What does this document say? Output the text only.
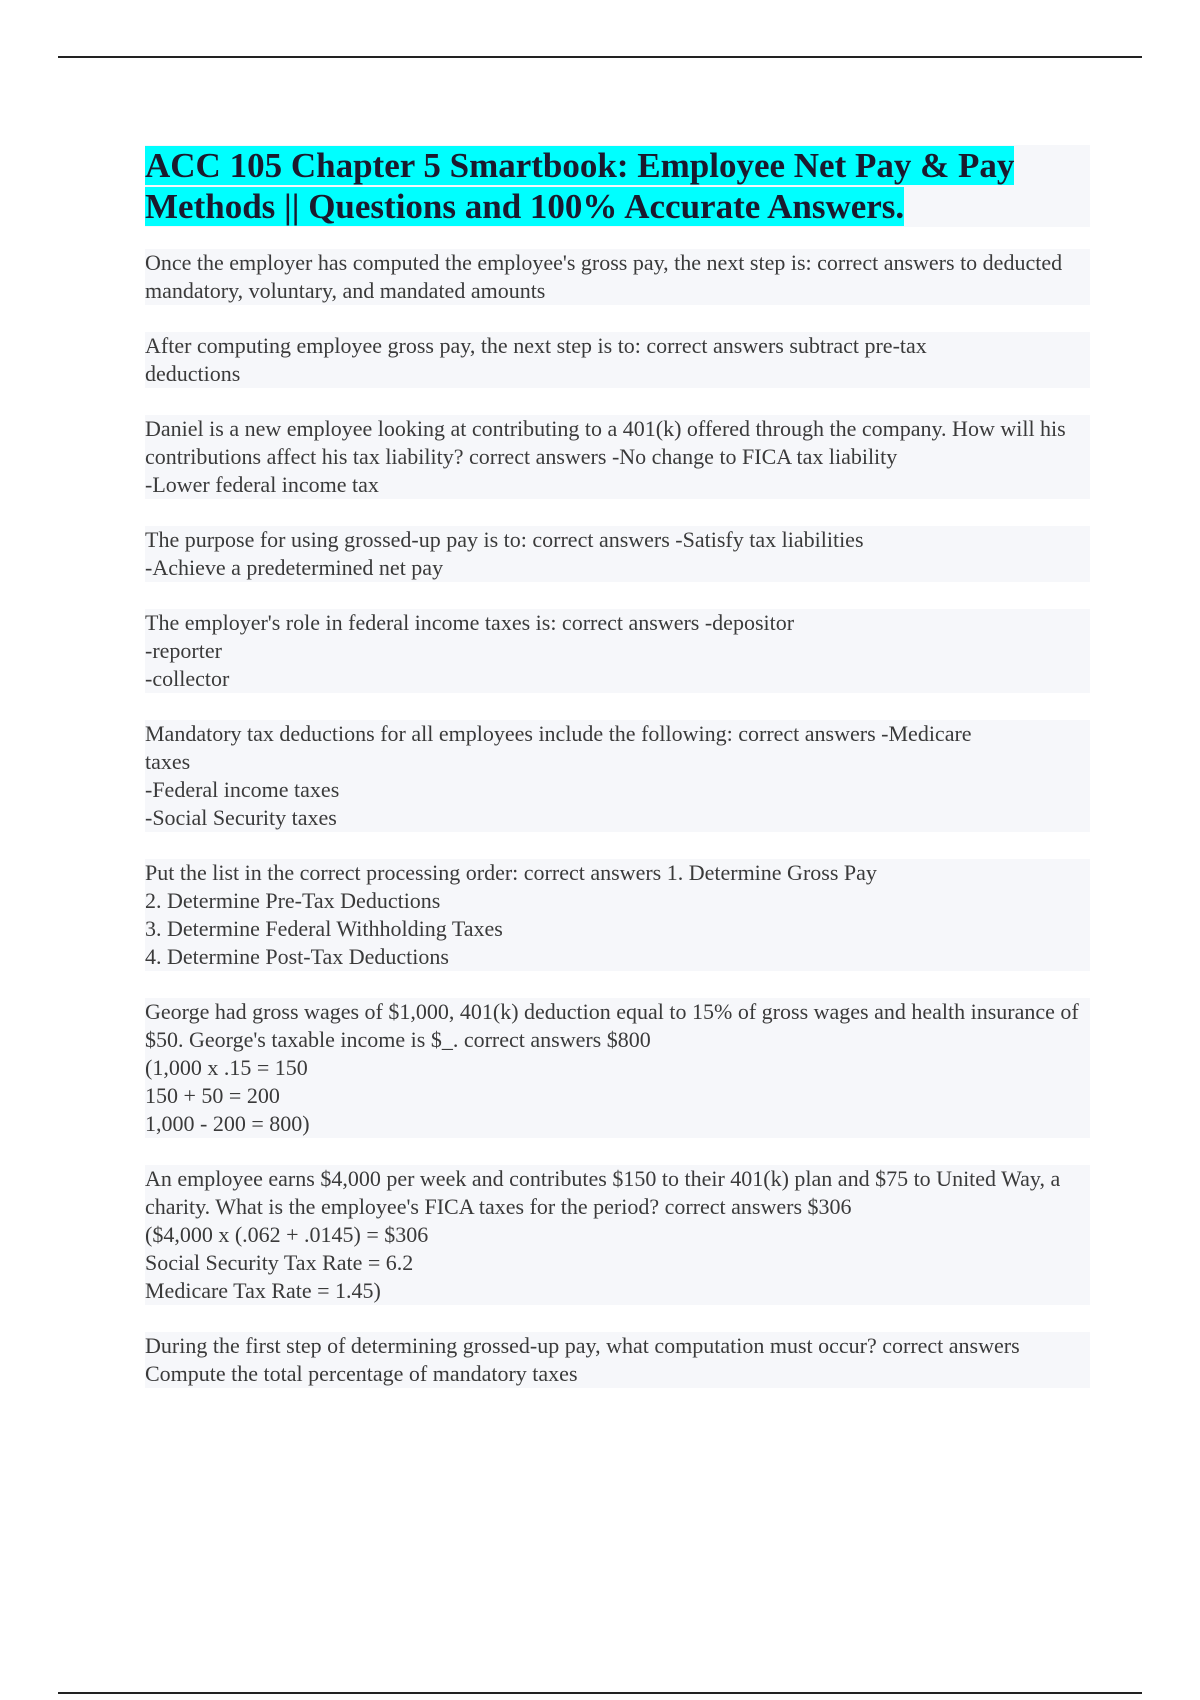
ACC 105 Chapter 5 Smartbook: Employee Net Pay & Pay Methods || Questions and 100% Accurate Answers.

Once the employer has computed the employee's gross pay, the next step is: correct answers to deducted mandatory, voluntary, and mandated amounts

After computing employee gross pay, the next step is to: correct answers subtract pre-tax
deductions

Daniel is a new employee looking at contributing to a 401(k) offered through the company. How will his contributions affect his tax liability? correct answers -No change to FICA tax liability
-Lower federal income tax

The purpose for using grossed-up pay is to: correct answers -Satisfy tax liabilities
-Achieve a predetermined net pay

The employer's role in federal income taxes is: correct answers -depositor
-reporter
-collector

Mandatory tax deductions for all employees include the following: correct answers -Medicare
taxes
-Federal income taxes
-Social Security taxes

Put the list in the correct processing order: correct answers 1. Determine Gross Pay
2. Determine Pre-Tax Deductions
3. Determine Federal Withholding Taxes
4. Determine Post-Tax Deductions

George had gross wages of $1,000, 401(k) deduction equal to 15% of gross wages and health insurance of $50. George's taxable income is $_. correct answers $800
(1,000 x .15 = 150
150 + 50 = 200
1,000 - 200 = 800)

An employee earns $4,000 per week and contributes $150 to their 401(k) plan and $75 to United Way, a charity. What is the employee's FICA taxes for the period? correct answers $306
($4,000 x (.062 + .0145) = $306
Social Security Tax Rate = 6.2
Medicare Tax Rate = 1.45)

During the first step of determining grossed-up pay, what computation must occur? correct answers Compute the total percentage of mandatory taxes
